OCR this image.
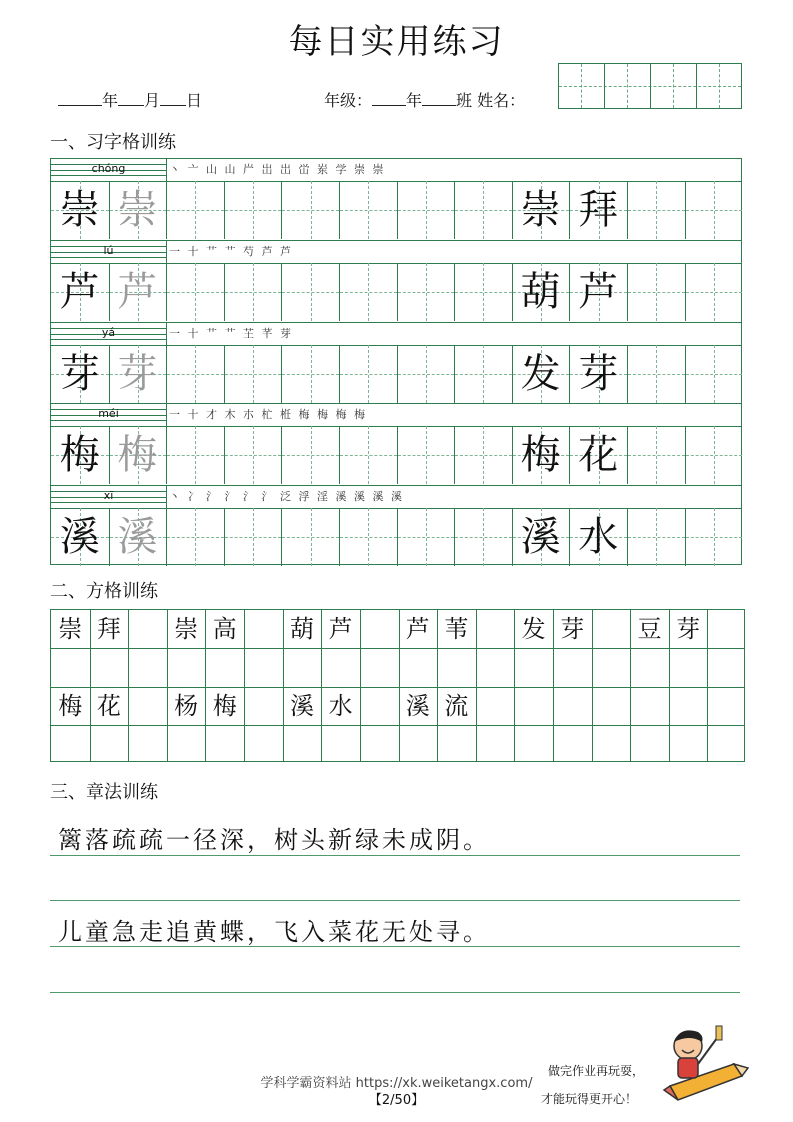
每日实用练习
年 月 日	年级： 年 班 姓名：
一、习字格训练
chóng	丶 亠 山 山 屵 岀 岀 峃 岽 学 崇 崇
崇 崇	崇 拜
lú	一 十 艹 艹 芍 芦 芦
芦 芦	葫 芦
yá	一 十 艹 艹 芏 芊 芽
芽 芽	发 芽
méi	一 十 才 木 朩 杧 栣 梅 梅 梅 梅
梅 梅	梅 花
xī	丶 冫 氵 氵 氵 氵 泛 浮 淫 溪 溪 溪 溪
溪 溪	溪 水
二、方格训练
崇 拜	崇 高	葫 芦	芦 苇	发 芽	豆 芽
梅 花	杨 梅	溪 水	溪 流
三、章法训练
篱落疏疏一径深，树头新绿未成阴。
儿童急走追黄蝶，飞入菜花无处寻。
学科学霸资料站 https://xk.weiketangx.com/
【2/50】
做完作业再玩耍，
才能玩得更开心！
